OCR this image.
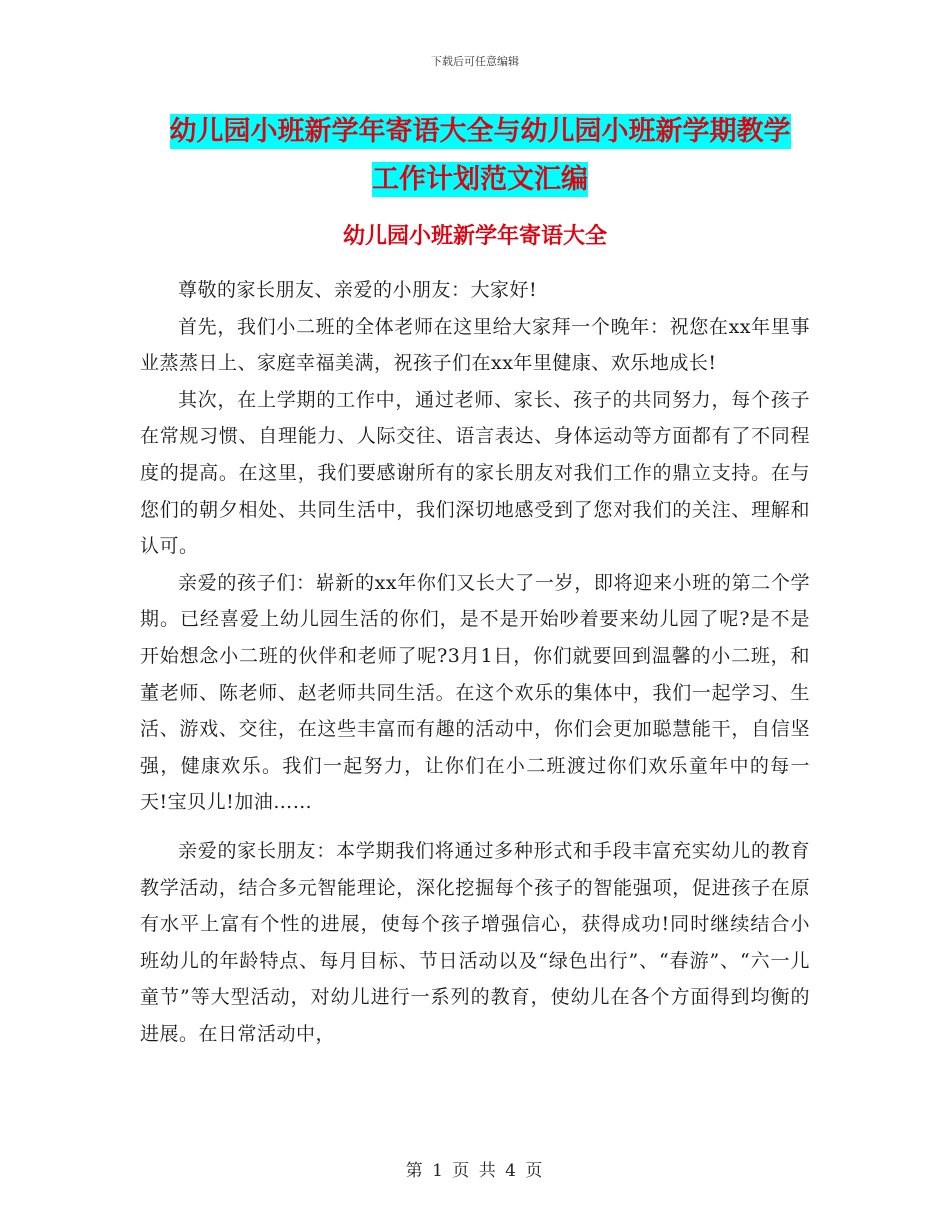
下载后可任意编辑
幼儿园小班新学年寄语大全与幼儿园小班新学期教学
工作计划范文汇编
幼儿园小班新学年寄语大全

尊敬的家长朋友、亲爱的小朋友：大家好!

首先，我们小二班的全体老师在这里给大家拜一个晚年：祝您在xx年里事业蒸蒸日上、家庭幸福美满，祝孩子们在xx年里健康、欢乐地成长!

其次，在上学期的工作中，通过老师、家长、孩子的共同努力，每个孩子在常规习惯、自理能力、人际交往、语言表达、身体运动等方面都有了不同程度的提高。在这里，我们要感谢所有的家长朋友对我们工作的鼎立支持。在与您们的朝夕相处、共同生活中，我们深切地感受到了您对我们的关注、理解和认可。

亲爱的孩子们：崭新的xx年你们又长大了一岁，即将迎来小班的第二个学期。已经喜爱上幼儿园生活的你们，是不是开始吵着要来幼儿园了呢?是不是开始想念小二班的伙伴和老师了呢?3月1日，你们就要回到温馨的小二班，和董老师、陈老师、赵老师共同生活。在这个欢乐的集体中，我们一起学习、生活、游戏、交往，在这些丰富而有趣的活动中，你们会更加聪慧能干，自信坚强，健康欢乐。我们一起努力，让你们在小二班渡过你们欢乐童年中的每一天!宝贝儿!加油……

亲爱的家长朋友：本学期我们将通过多种形式和手段丰富充实幼儿的教育教学活动，结合多元智能理论，深化挖掘每个孩子的智能强项，促进孩子在原有水平上富有个性的进展，使每个孩子增强信心，获得成功!同时继续结合小班幼儿的年龄特点、每月目标、节日活动以及“绿色出行”、“春游”、“六一儿童节”等大型活动，对幼儿进行一系列的教育，使幼儿在各个方面得到均衡的进展。在日常活动中，

第 1 页 共 4 页
